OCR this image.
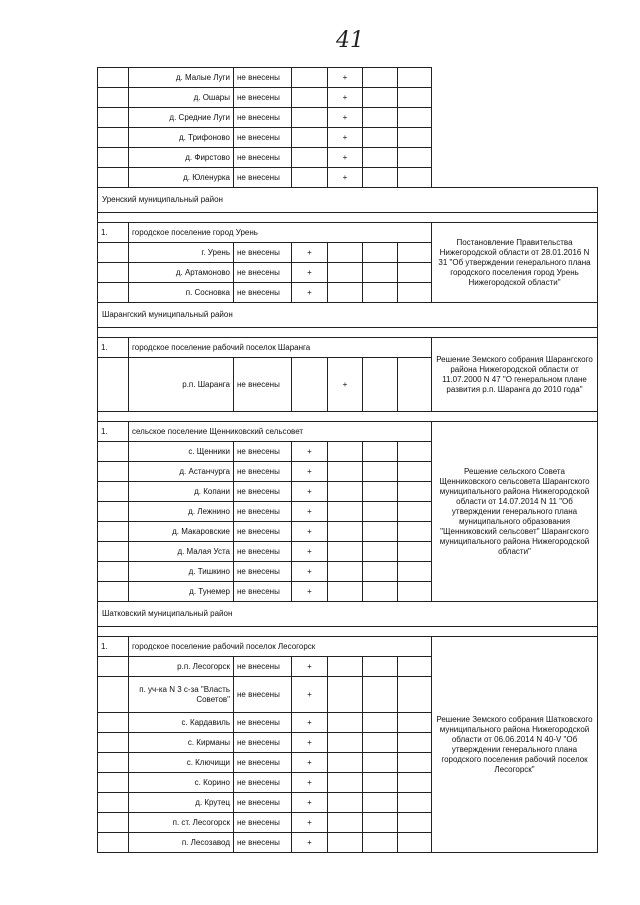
41
	д. Малые Луги	не внесены		+			
	д. Ошары	не внесены		+			
	д. Средние Луги	не внесены		+			
	д. Трифоново	не внесены		+			
	д. Фирстово	не внесены		+			
	д. Юленурка	не внесены		+			
Уренский муниципальный район							

1.	городское поселение город Урень						Постановление Правительства Нижегородской области от 28.01.2016 N 31 "Об утверждении генерального плана городского поселения город Урень Нижегородской области"
	г. Урень	не внесены	+				
	д. Артамоново	не внесены	+				
	п. Сосновка	не внесены	+				
Шарангский муниципальный район							

1.	городское поселение рабочий поселок Шаранга						Решение Земского собрания Шарангского района Нижегородской области от 11.07.2000 N 47 "О генеральном плане развития р.п. Шаранга до 2010 года"
	р.п. Шаранга	не внесены		+			

1.	сельское поселение Щенниковский сельсовет						Решение сельского Совета Щенниковского сельсовета Шарангского муниципального района Нижегородской области от 14.07.2014 N 11 "Об утверждении генерального плана муниципального образования "Щенниковский сельсовет" Шарангского муниципального района Нижегородской области"
	с. Щенники	не внесены	+				
	д. Астанчурга	не внесены	+				
	д. Копани	не внесены	+				
	д. Лежнино	не внесены	+				
	д. Макаровские	не внесены	+				
	д. Малая Уста	не внесены	+				
	д. Тишкино	не внесены	+				
	д. Тунемер	не внесены	+				
Шатковский муниципальный район							

1.	городское поселение рабочий поселок Лесогорск						Решение Земского собрания Шатковского муниципального района Нижегородской области от 06.06.2014 N 40-V "Об утверждении генерального плана городского поселения рабочий поселок Лесогорск"
	р.п. Лесогорск	не внесены	+				
	п. уч-ка N 3 с-за "Власть Советов"	не внесены	+				
	с. Кардавиль	не внесены	+				
	с. Кирманы	не внесены	+				
	с. Ключищи	не внесены	+				
	с. Корино	не внесены	+				
	д. Крутец	не внесены	+				
	п. ст. Лесогорск	не внесены	+				
	п. Лесозавод	не внесены	+				
